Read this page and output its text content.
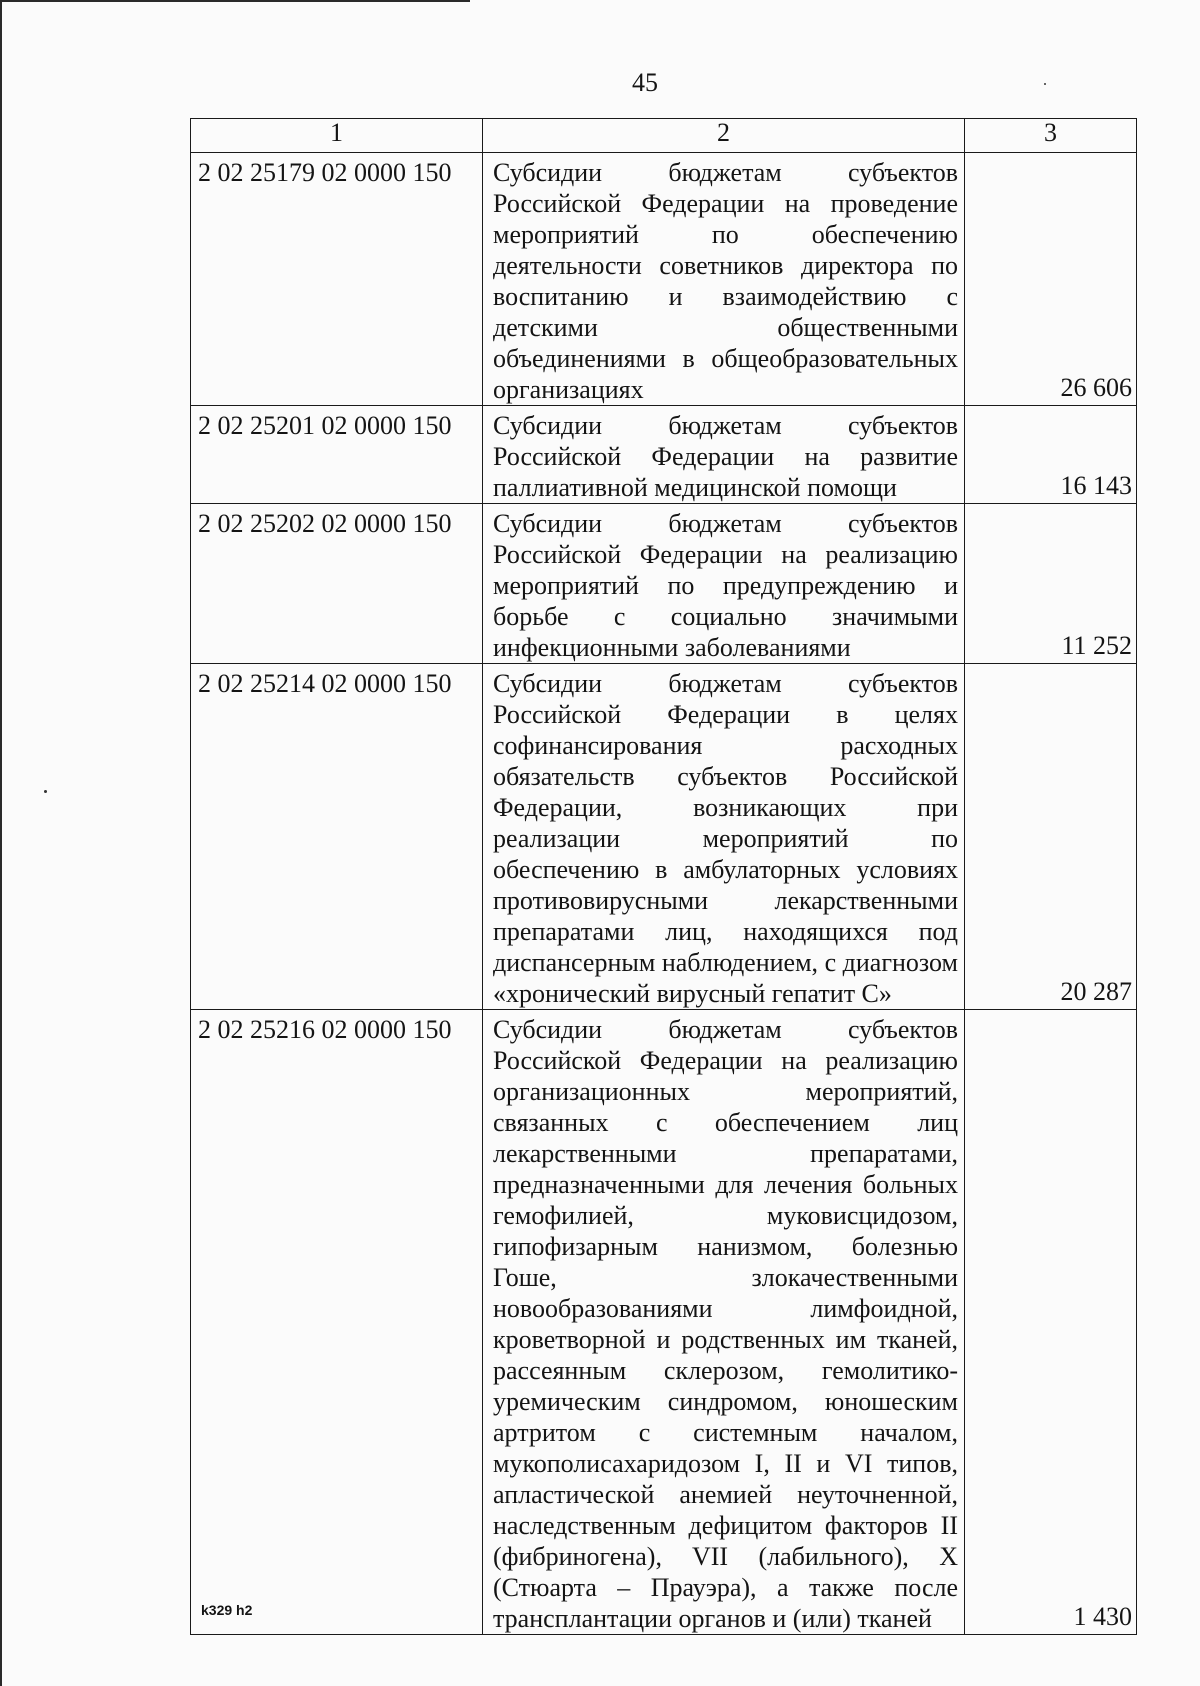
45
1	2	3
2 02 25179 02 0000 150	Субсидии бюджетам субъектов Российской Федерации на проведение мероприятий по обеспечению деятельности советников директора по воспитанию и взаимодействию с детскими общественными объединениями в общеобразовательных организациях	26 606
2 02 25201 02 0000 150	Субсидии бюджетам субъектов Российской Федерации на развитие паллиативной медицинской помощи	16 143
2 02 25202 02 0000 150	Субсидии бюджетам субъектов Российской Федерации на реализацию мероприятий по предупреждению и борьбе с социально значимыми инфекционными заболеваниями	11 252
2 02 25214 02 0000 150	Субсидии бюджетам субъектов Российской Федерации в целях софинансирования расходных обязательств субъектов Российской Федерации, возникающих при реализации мероприятий по обеспечению в амбулаторных условиях противовирусными лекарственными препаратами лиц, находящихся под диспансерным наблюдением, с диагнозом «хронический вирусный гепатит С»	20 287
2 02 25216 02 0000 150	Субсидии бюджетам субъектов Российской Федерации на реализацию организационных мероприятий, связанных с обеспечением лиц лекарственными препаратами, предназначенными для лечения больных гемофилией, муковисцидозом, гипофизарным нанизмом, болезнью Гоше, злокачественными новообразованиями лимфоидной, кроветворной и родственных им тканей, рассеянным склерозом, гемолитико-уремическим синдромом, юношеским артритом с системным началом, мукополисахаридозом I, II и VI типов, апластической анемией неуточненной, наследственным дефицитом факторов II (фибриногена), VII (лабильного), X (Стюарта – Прауэра), а также после трансплантации органов и (или) тканей	1 430
k329 h2
